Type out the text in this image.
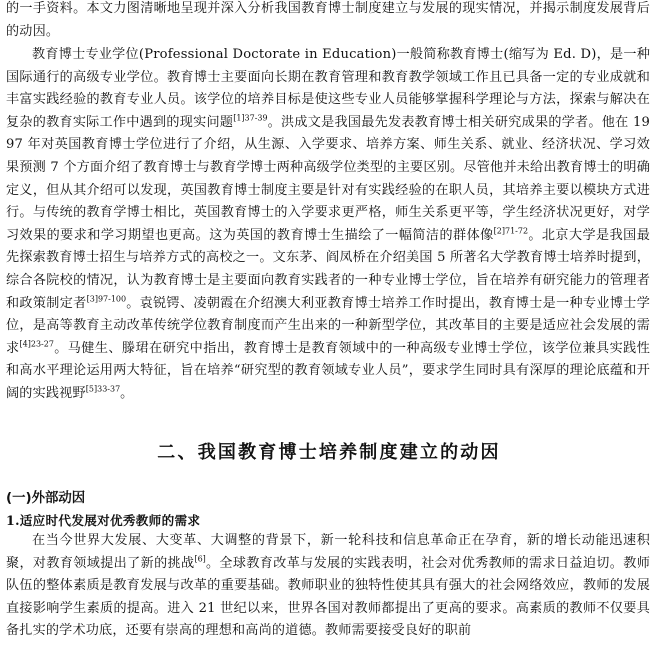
的一手资料。本文力图清晰地呈现并深入分析我国教育博士制度建立与发展的现实情况，并揭示制度发展背后的动因。

教育博士专业学位(Professional Doctorate in Education)一般简称教育博士(缩写为 Ed. D)，是一种国际通行的高级专业学位。教育博士主要面向长期在教育管理和教育教学领域工作且已具备一定的专业成就和丰富实践经验的教育专业人员。该学位的培养目标是使这些专业人员能够掌握科学理论与方法，探索与解决在复杂的教育实际工作中遇到的现实问题$^{[1]37-39}$。洪成文是我国最先发表教育博士相关研究成果的学者。他在 1997 年对英国教育博士学位进行了介绍，从生源、入学要求、培养方案、师生关系、就业、经济状况、学习效果预测 7 个方面介绍了教育博士与教育学博士两种高级学位类型的主要区别。尽管他并未给出教育博士的明确定义，但从其介绍可以发现，英国教育博士制度主要是针对有实践经验的在职人员，其培养主要以模块方式进行。与传统的教育学博士相比，英国教育博士的入学要求更严格，师生关系更平等，学生经济状况更好，对学习效果的要求和学习期望也更高。这为英国的教育博士生描绘了一幅简洁的群体像$^{[2]71-72}$。北京大学是我国最先探索教育博士招生与培养方式的高校之一。文东茅、阎凤桥在介绍美国 5 所著名大学教育博士培养时提到，综合各院校的情况，认为教育博士是主要面向教育实践者的一种专业博士学位，旨在培养有研究能力的管理者和政策制定者$^{[3]97-100}$。袁锐锷、凌朝霞在介绍澳大利亚教育博士培养工作时提出，教育博士是一种专业博士学位，是高等教育主动改革传统学位教育制度而产生出来的一种新型学位，其改革目的主要是适应社会发展的需求$^{[4]23-27}$。马健生、滕珺在研究中指出，教育博士是教育领域中的一种高级专业博士学位，该学位兼具实践性和高水平理论运用两大特征，旨在培养“研究型的教育领域专业人员”，要求学生同时具有深厚的理论底蕴和开阔的实践视野$^{[5]33-37}$。

二、我国教育博士培养制度建立的动因
(一)外部动因
1.适应时代发展对优秀教师的需求

在当今世界大发展、大变革、大调整的背景下，新一轮科技和信息革命正在孕育，新的增长动能迅速积聚，对教育领域提出了新的挑战[6]。全球教育改革与发展的实践表明，社会对优秀教师的需求日益迫切。教师队伍的整体素质是教育发展与改革的重要基础。教师职业的独特性使其具有强大的社会网络效应，教师的发展直接影响学生素质的提高。进入 21 世纪以来，世界各国对教师都提出了更高的要求。高素质的教师不仅要具备扎实的学术功底，还要有崇高的理想和高尚的道德。教师需要接受良好的职前
